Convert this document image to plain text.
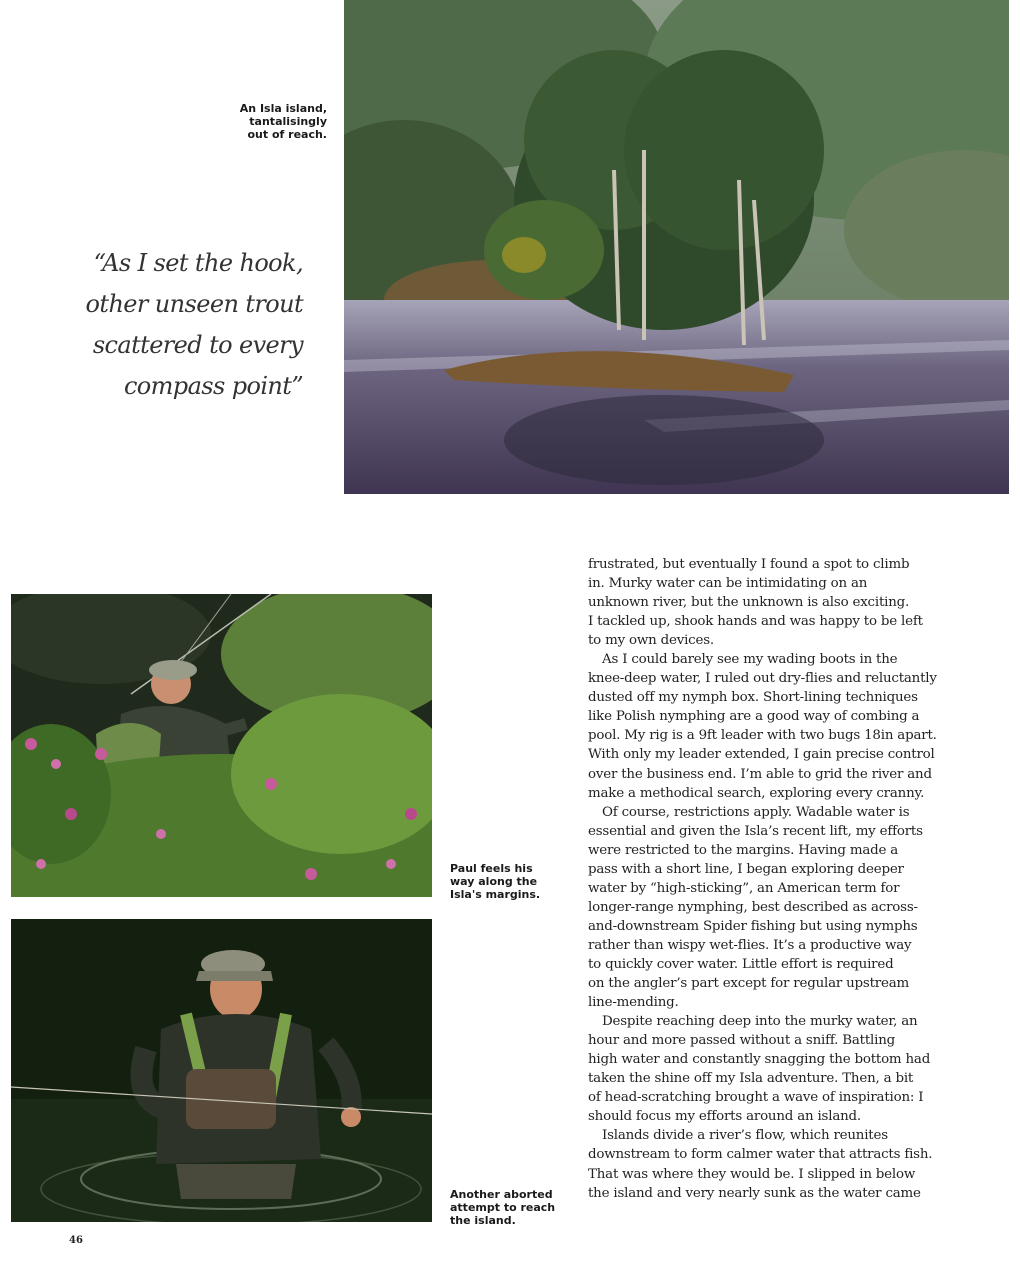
An Isla island,
tantalisingly
out of reach.
“As I set the hook,
other unseen trout
scattered to every
compass point”
Paul feels his
way along the
Isla's margins.
Another aborted
attempt to reach
the island.
frustrated, but eventually I found a spot to climb
in. Murky water can be intimidating on an
unknown river, but the unknown is also exciting.
I tackled up, shook hands and was happy to be left
to my own devices.
As I could barely see my wading boots in the
knee-deep water, I ruled out dry-flies and reluctantly
dusted off my nymph box. Short-lining techniques
like Polish nymphing are a good way of combing a
pool. My rig is a 9ft leader with two bugs 18in apart.
With only my leader extended, I gain precise control
over the business end. I’m able to grid the river and
make a methodical search, exploring every cranny.
Of course, restrictions apply. Wadable water is
essential and given the Isla’s recent lift, my efforts
were restricted to the margins. Having made a
pass with a short line, I began exploring deeper
water by “high-sticking”, an American term for
longer-range nymphing, best described as across-
and-downstream Spider fishing but using nymphs
rather than wispy wet-flies. It’s a productive way
to quickly cover water. Little effort is required
on the angler’s part except for regular upstream
line-mending.
Despite reaching deep into the murky water, an
hour and more passed without a sniff. Battling
high water and constantly snagging the bottom had
taken the shine off my Isla adventure. Then, a bit
of head-scratching brought a wave of inspiration: I
should focus my efforts around an island.
Islands divide a river’s flow, which reunites
downstream to form calmer water that attracts fish.
That was where they would be. I slipped in below
the island and very nearly sunk as the water came
46
